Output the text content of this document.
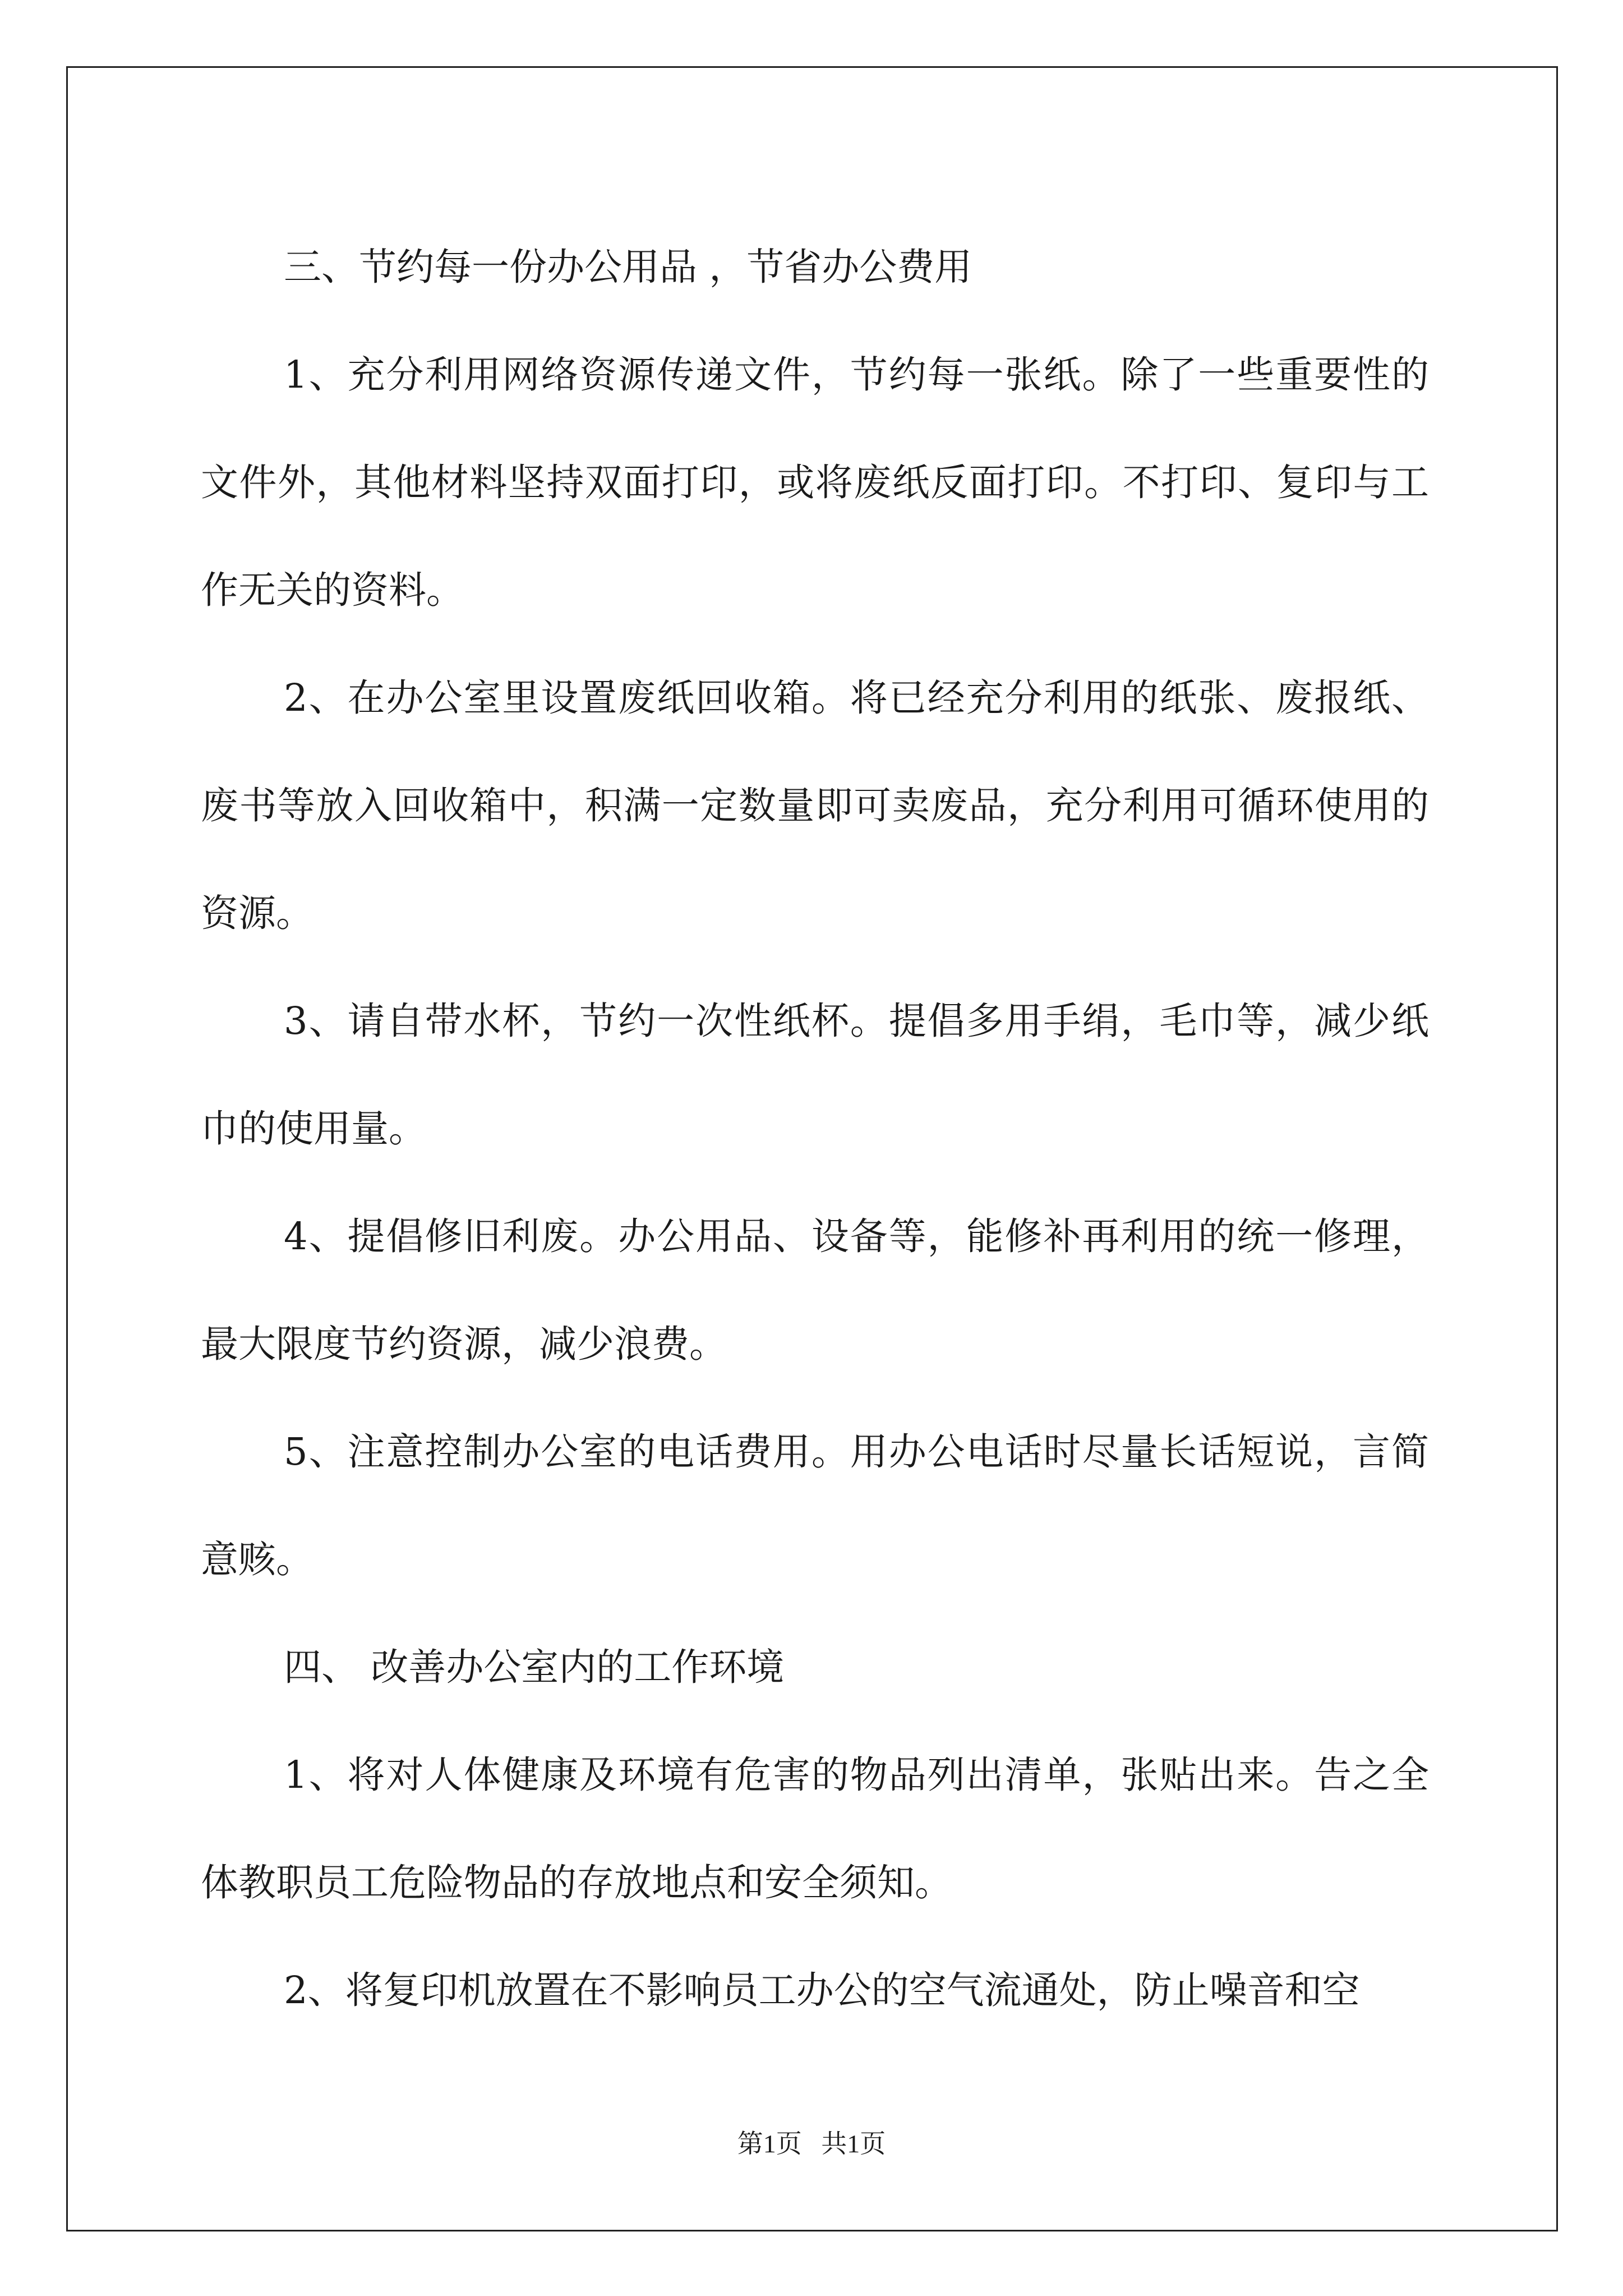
三、节约每一份办公用品 ，节省办公费用

1、充分利用网络资源传递文件，节约每一张纸。除了一些重要性的文件外，其他材料坚持双面打印，或将废纸反面打印。不打印、复印与工作无关的资料。

2、在办公室里设置废纸回收箱。将已经充分利用的纸张、废报纸、废书等放入回收箱中，积满一定数量即可卖废品，充分利用可循环使用的资源。

3、请自带水杯，节约一次性纸杯。提倡多用手绢，毛巾等，减少纸巾的使用量。

4、提倡修旧利废。办公用品、设备等，能修补再利用的统一修理，最大限度节约资源，减少浪费。

5、注意控制办公室的电话费用。用办公电话时尽量长话短说，言简意赅。

四、 改善办公室内的工作环境

1、将对人体健康及环境有危害的物品列出清单，张贴出来。告之全体教职员工危险物品的存放地点和安全须知。

2、将复印机放置在不影响员工办公的空气流通处，防止噪音和空

第1页   共1页
